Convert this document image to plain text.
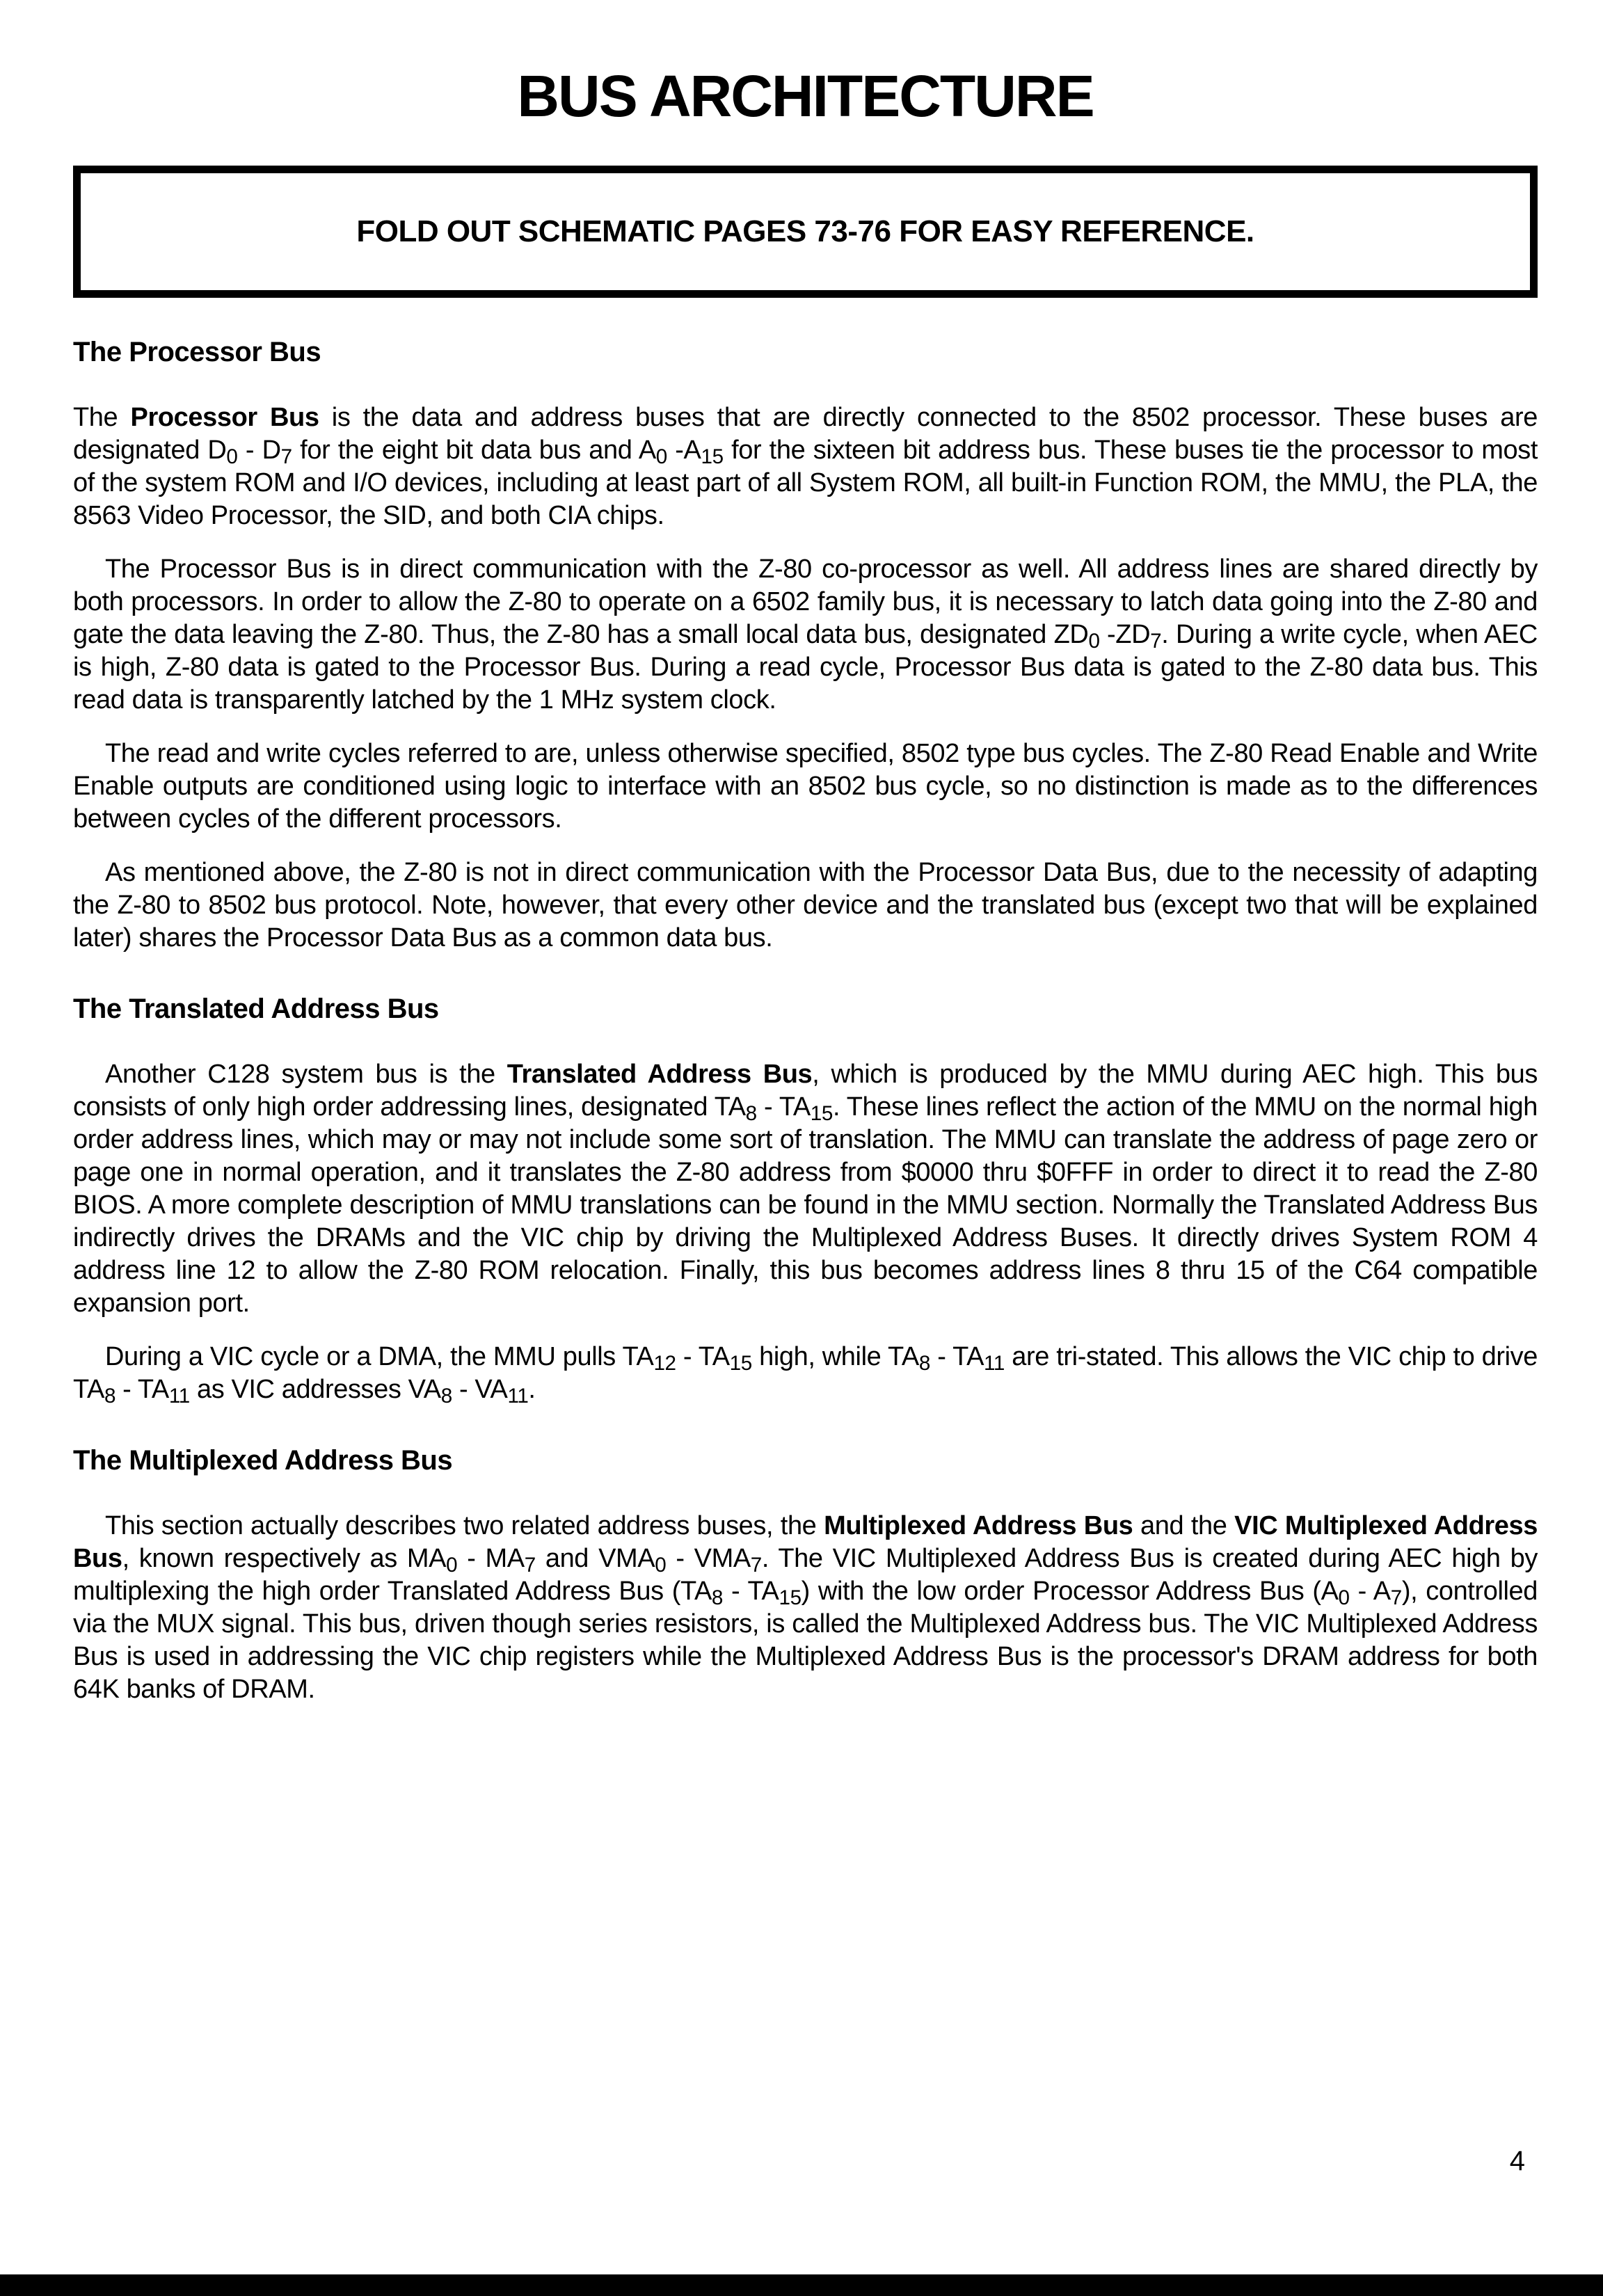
BUS ARCHITECTURE
FOLD OUT SCHEMATIC PAGES 73-76 FOR EASY REFERENCE.
The Processor Bus

The Processor Bus is the data and address buses that are directly connected to the 8502 processor. These buses are designated $D_0 - D_7$ for the eight bit data bus and $A_0$ $-A_{15}$ for the sixteen bit address bus. These buses tie the processor to most of the system ROM and I/O devices, including at least part of all System ROM, all built-in Function ROM, the MMU, the PLA, the 8563 Video Processor, the SID, and both CIA chips.

The Processor Bus is in direct communication with the Z-80 co-processor as well. All address lines are shared directly by both processors. In order to allow the Z-80 to operate on a 6502 family bus, it is necessary to latch data going into the Z-80 and gate the data leaving the Z-80. Thus, the Z-80 has a small local data bus, designated $ZD_0$ $-ZD_7$. During a write cycle, when AEC is high, Z-80 data is gated to the Processor Bus. During a read cycle, Processor Bus data is gated to the Z-80 data bus. This read data is transparently latched by the 1 MHz system clock.

The read and write cycles referred to are, unless otherwise specified, 8502 type bus cycles. The Z-80 Read Enable and Write Enable outputs are conditioned using logic to interface with an 8502 bus cycle, so no distinction is made as to the differences between cycles of the different processors.

As mentioned above, the Z-80 is not in direct communication with the Processor Data Bus, due to the necessity of adapting the Z-80 to 8502 bus protocol. Note, however, that every other device and the translated bus (except two that will be explained later) shares the Processor Data Bus as a common data bus.

The Translated Address Bus

Another C128 system bus is the Translated Address Bus, which is produced by the MMU during AEC high. This bus consists of only high order addressing lines, designated $TA_8 - TA_{15}$. These lines reflect the action of the MMU on the normal high order address lines, which may or may not include some sort of translation. The MMU can translate the address of page zero or page one in normal operation, and it translates the Z-80 address from $0000 thru $0FFF in order to direct it to read the Z-80 BIOS. A more complete description of MMU translations can be found in the MMU section. Normally the Translated Address Bus indirectly drives the DRAMs and the VIC chip by driving the Multiplexed Address Buses. It directly drives System ROM 4 address line 12 to allow the Z-80 ROM relocation. Finally, this bus becomes address lines 8 thru 15 of the C64 compatible expansion port.

During a VIC cycle or a DMA, the MMU pulls $TA_{12} - TA_{15}$ high, while $TA_8 - TA_{11}$ are tri-stated. This allows the VIC chip to drive $TA_8 - TA_{11}$ as VIC addresses $VA_8 - VA_{11}$.

The Multiplexed Address Bus

This section actually describes two related address buses, the Multiplexed Address Bus and the VIC Multiplexed Address Bus, known respectively as $MA_0 - MA_7$ and $VMA_0 - VMA_7$. The VIC Multiplexed Address Bus is created during AEC high by multiplexing the high order Translated Address Bus $(TA_8 - TA_{15})$ with the low order Processor Address Bus $(A_0 - A_7)$, controlled via the MUX signal. This bus, driven though series resistors, is called the Multiplexed Address bus. The VIC Multiplexed Address Bus is used in addressing the VIC chip registers while the Multiplexed Address Bus is the processor's DRAM address for both 64K banks of DRAM.

4
